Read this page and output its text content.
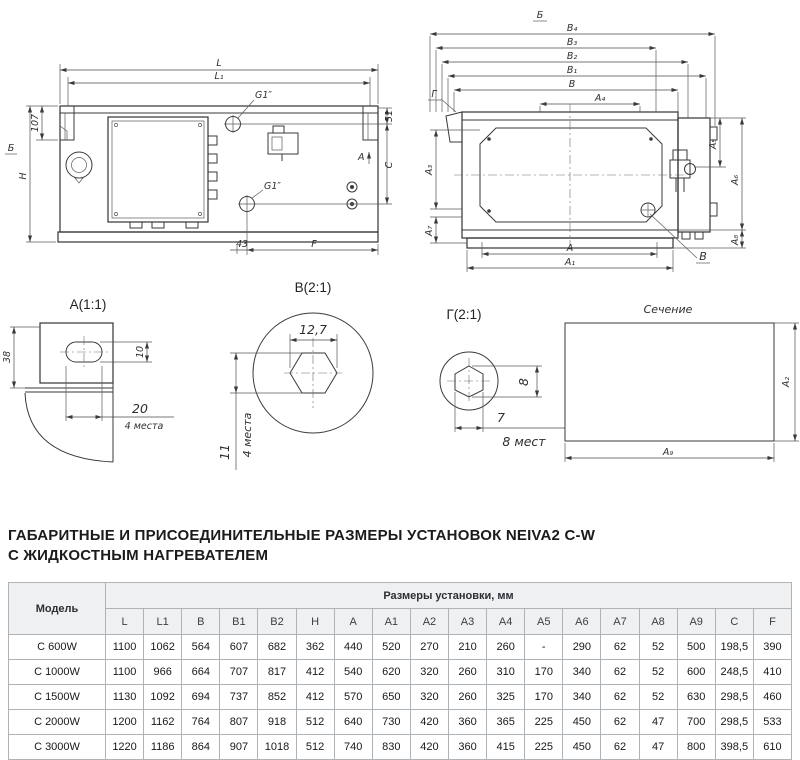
L
L₁
G1″
G1″
H
Б
107	51
C
A
43	F
Б
B₄
B₃
B₂
B₁
B
A₄
Г
A₃
A₇
A₅
A₆
A₈
A
A₁	B
А(1:1)
38	10
20
4 места
В(2:1)
12,7
11 4 места
Г(2:1)
8
7
8 мест
Сечение
A₂
A₉
ГАБАРИТНЫЕ И ПРИСОЕДИНИТЕЛЬНЫЕ РАЗМЕРЫ УСТАНОВОК NEIVA2 C-W
С ЖИДКОСТНЫМ НАГРЕВАТЕЛЕМ
Модель	Размеры установки, мм																	
	L	L1	B	B1	B2	H	A	A1	A2	A3	A4	A5	A6	A7	A8	A9	C	F
С 600W	1100	1062	564	607	682	362	440	520	270	210	260	-	290	62	52	500	198,5	390
С 1000W	1100	966	664	707	817	412	540	620	320	260	310	170	340	62	52	600	248,5	410
С 1500W	1130	1092	694	737	852	412	570	650	320	260	325	170	340	62	52	630	298,5	460
С 2000W	1200	1162	764	807	918	512	640	730	420	360	365	225	450	62	47	700	298,5	533
С 3000W	1220	1186	864	907	1018	512	740	830	420	360	415	225	450	62	47	800	398,5	610
